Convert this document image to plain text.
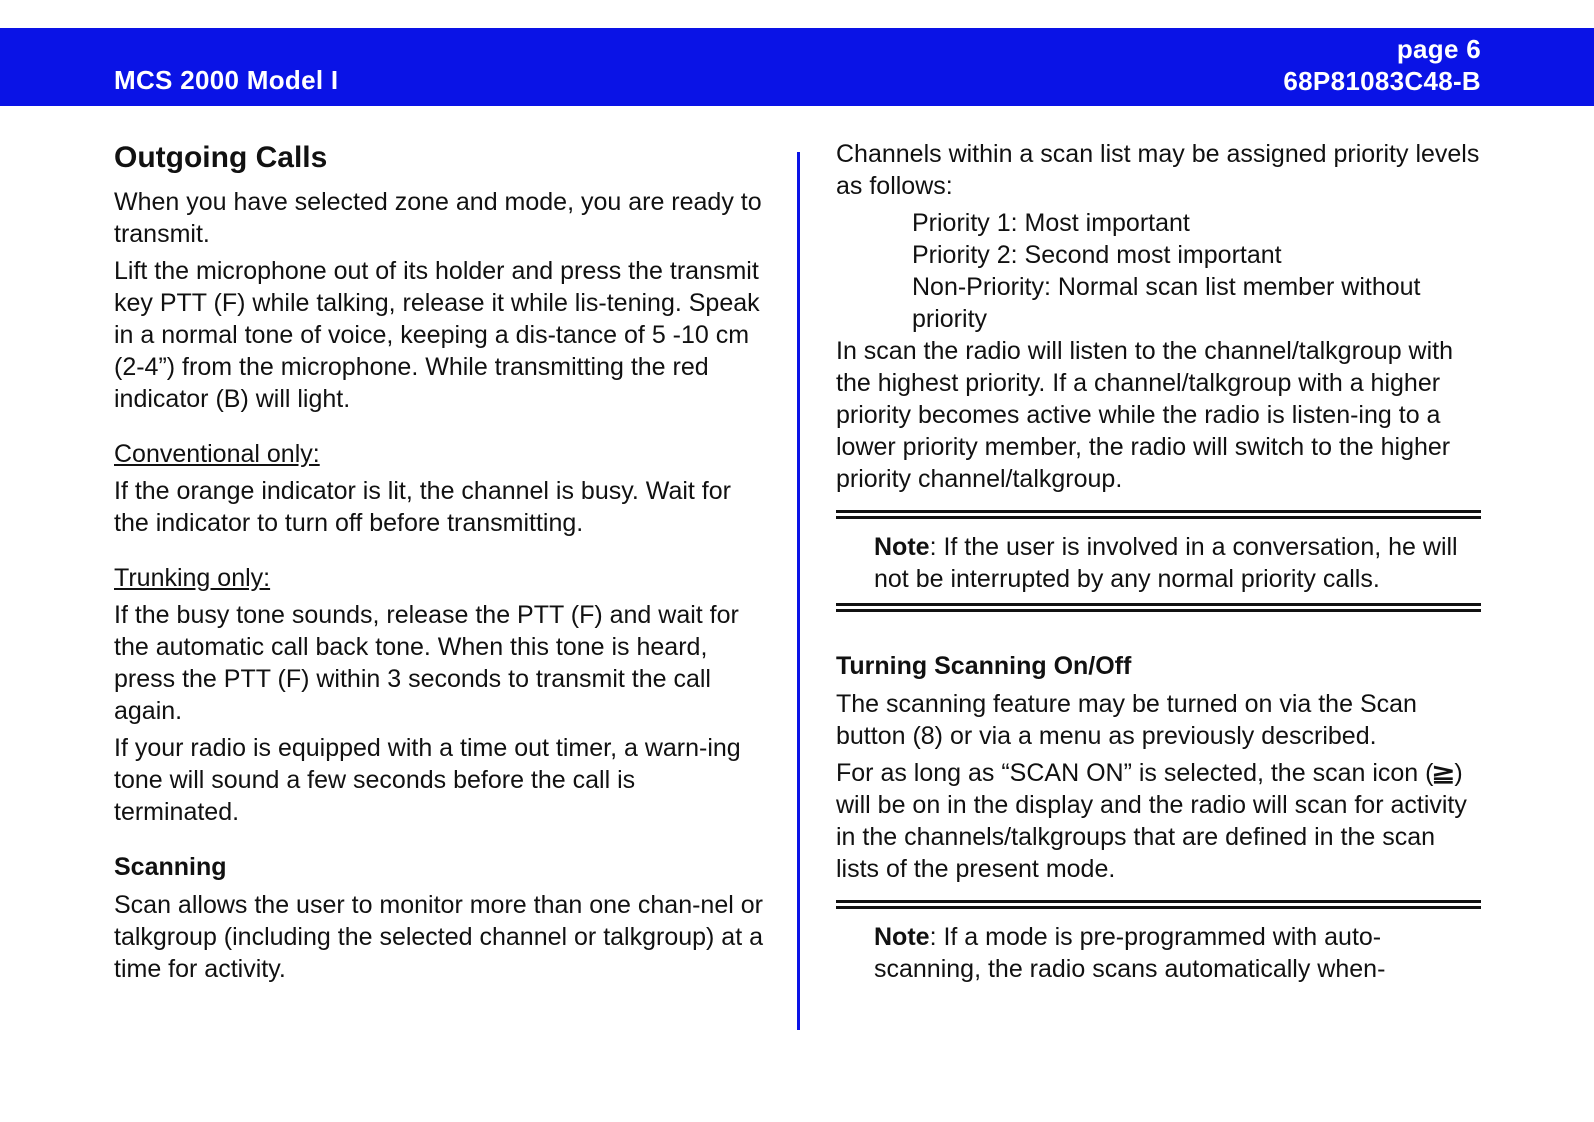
MCS 2000 Model I
page 6
68P81083C48-B
Outgoing Calls

When you have selected zone and mode, you are ready to transmit.

Lift the microphone out of its holder and press the transmit key PTT (F) while talking, release it while lis-tening. Speak in a normal tone of voice, keeping a dis-tance of 5 -10 cm (2-4”) from the microphone. While transmitting the red indicator (B) will light.

Conventional only:

If the orange indicator is lit, the channel is busy. Wait for the indicator to turn off before transmitting.

Trunking only:

If the busy tone sounds, release the PTT (F) and wait for the automatic call back tone. When this tone is heard, press the PTT (F) within 3 seconds to transmit the call again.

If your radio is equipped with a time out timer, a warn-ing tone will sound a few seconds before the call is terminated.

Scanning

Scan allows the user to monitor more than one chan-nel or talkgroup (including the selected channel or talkgroup) at a time for activity.

Channels within a scan list may be assigned priority levels as follows:

Priority 1: Most important
Priority 2: Second most important
Non-Priority: Normal scan list member without priority

In scan the radio will listen to the channel/talkgroup with the highest priority. If a channel/talkgroup with a higher priority becomes active while the radio is listen-ing to a lower priority member, the radio will switch to the higher priority channel/talkgroup.

Note: If the user is involved in a conversation, he will not be interrupted by any normal priority calls.

Turning Scanning On/Off

The scanning feature may be turned on via the Scan button (8) or via a menu as previously described.

For as long as “SCAN ON” is selected, the scan icon (≧) will be on in the display and the radio will scan for activity in the channels/talkgroups that are defined in the scan lists of the present mode.

Note: If a mode is pre-programmed with auto-scanning, the radio scans automatically when-
